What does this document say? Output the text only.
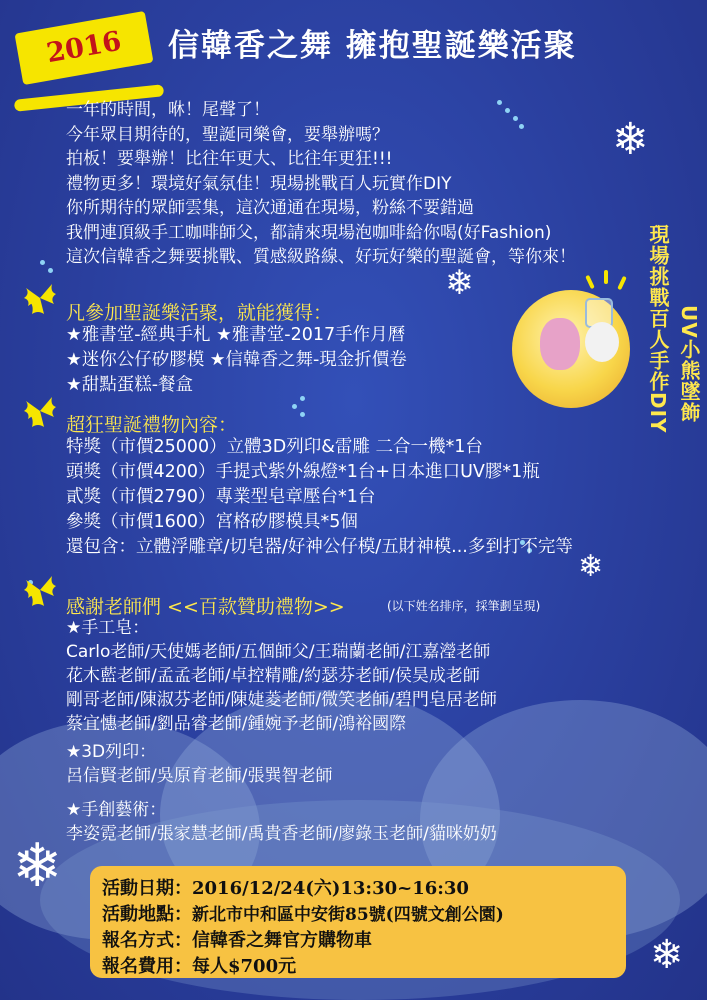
2016	信韓香之舞 擁抱聖誕樂活聚
❄
❄
❄
❄
❄
一年的時間，咻！尾聲了！
今年眾目期待的，聖誕同樂會，要舉辦嗎？
拍板！要舉辦！比往年更大、比往年更狂!!!
禮物更多！環境好氣氛佳！現場挑戰百人玩實作DIY
你所期待的眾師雲集，這次通通在現場，粉絲不要錯過
我們連頂級手工咖啡師父，都請來現場泡咖啡給你喝(好Fashion)
這次信韓香之舞要挑戰、質感級路線、好玩好樂的聖誕會，等你來！
凡參加聖誕樂活聚，就能獲得：
★雅書堂-經典手札 ★雅書堂-2017手作月曆
★迷你公仔矽膠模 ★信韓香之舞-現金折價卷
★甜點蛋糕-餐盒	現場挑戰百人手作DIY UV小熊墜飾
超狂聖誕禮物內容：
特獎（市價25000）立體3D列印&雷雕 二合一機*1台
頭獎（市價4200）手提式紫外線燈*1台+日本進口UV膠*1瓶
貳獎（市價2790）專業型皂章壓台*1台
參獎（市價1600）宮格矽膠模具*5個
還包含：立體浮雕章/切皂器/好神公仔模/五財神模...多到打不完等
感謝老師們 <<百款贊助禮物>>	(以下姓名排序，採筆劃呈現)
★手工皂：
Carlo老師/天使媽老師/五個師父/王瑞蘭老師/江嘉瀅老師
花木藍老師/孟孟老師/卓控精雕/約瑟芬老師/侯昊成老師
剛哥老師/陳淑芬老師/陳婕菱老師/微笑老師/碧門皂居老師
蔡宜憓老師/劉品睿老師/鍾婉予老師/鴻裕國際
★3D列印：
呂信賢老師/吳原育老師/張巽智老師
★手創藝術：
李姿霓老師/張家慧老師/禹貴香老師/廖錄玉老師/貓咪奶奶
活動日期：2016/12/24(六)13:30~16:30
活動地點：新北市中和區中安街85號(四號文創公園)
報名方式：信韓香之舞官方購物車
報名費用：每人$700元
